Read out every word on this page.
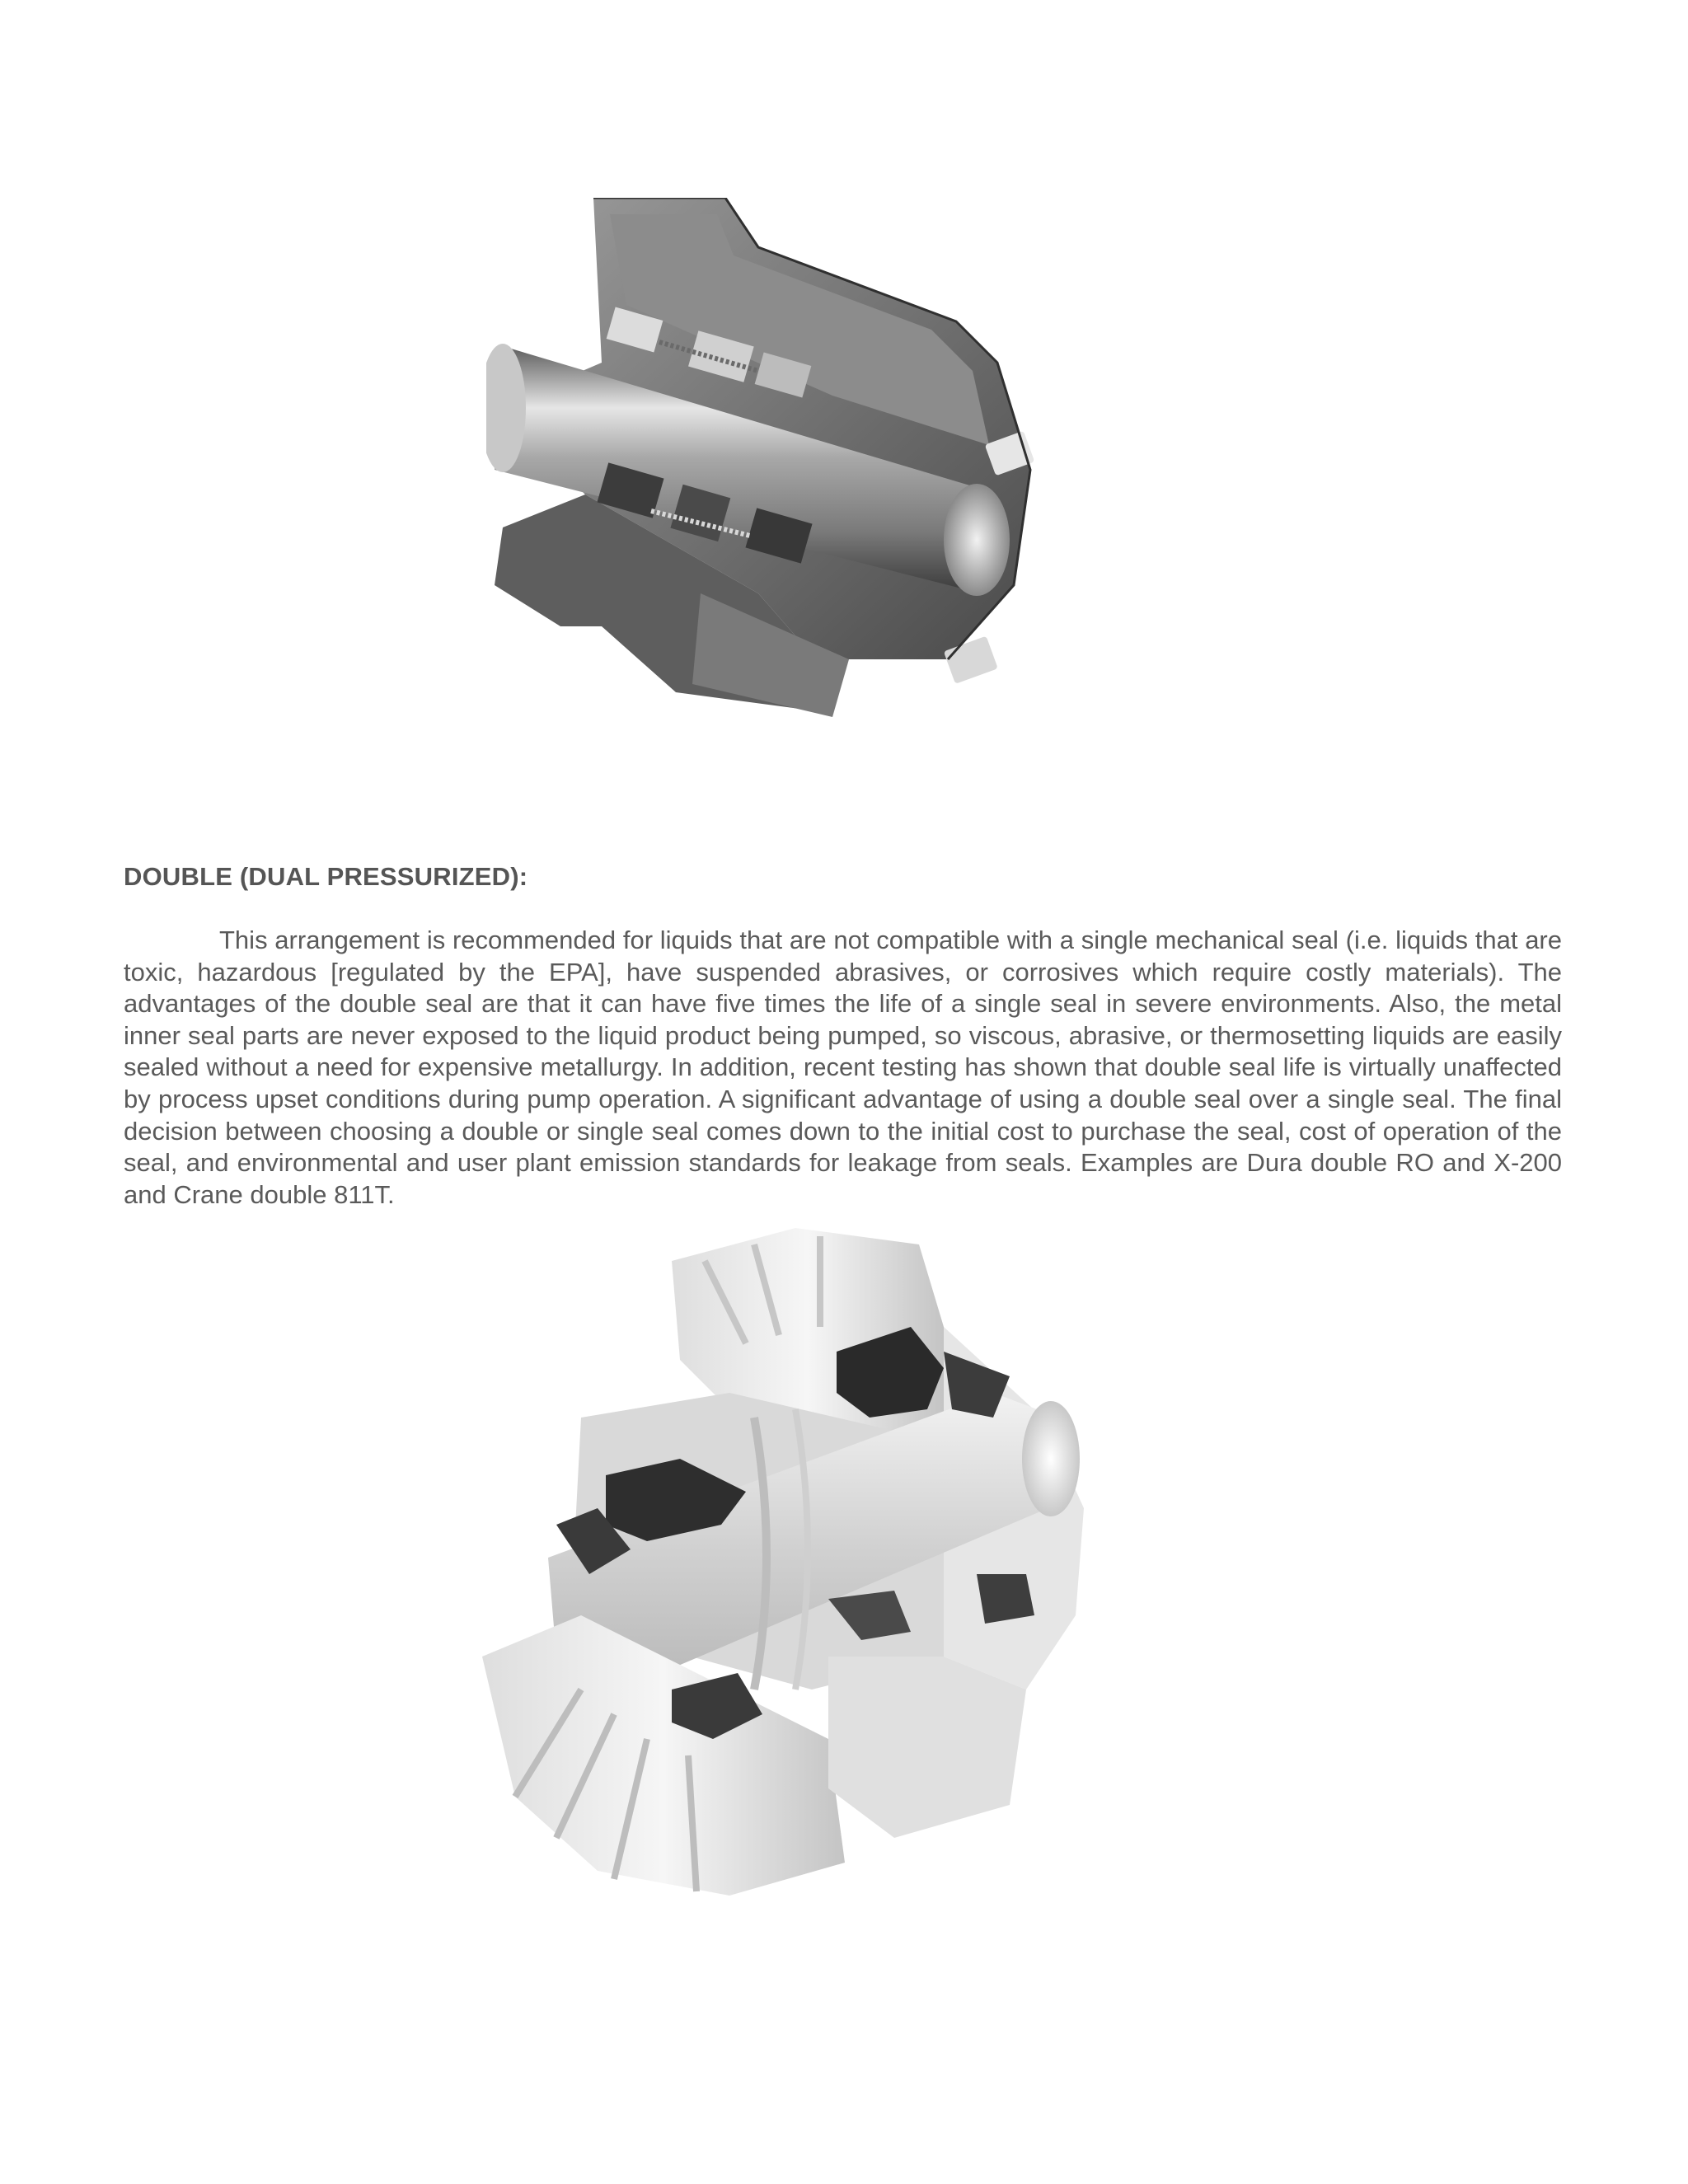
DOUBLE (DUAL PRESSURIZED):

This arrangement is recommended for liquids that are not compatible with a single mechanical seal (i.e. liquids that are toxic, hazardous [regulated by the EPA], have suspended abrasives, or corrosives which require costly materials). The advantages of the double seal are that it can have five times the life of a single seal in severe environments. Also, the metal inner seal parts are never exposed to the liquid product being pumped, so viscous, abrasive, or thermosetting liquids are easily sealed without a need for expensive metallurgy. In addition, recent testing has shown that double seal life is virtually unaffected by process upset conditions during pump operation. A significant advantage of using a double seal over a single seal. The final decision between choosing a double or single seal comes down to the initial cost to purchase the seal, cost of operation of the seal, and environmental and user plant emission standards for leakage from seals. Examples are Dura double RO and X-200 and Crane double 811T.
